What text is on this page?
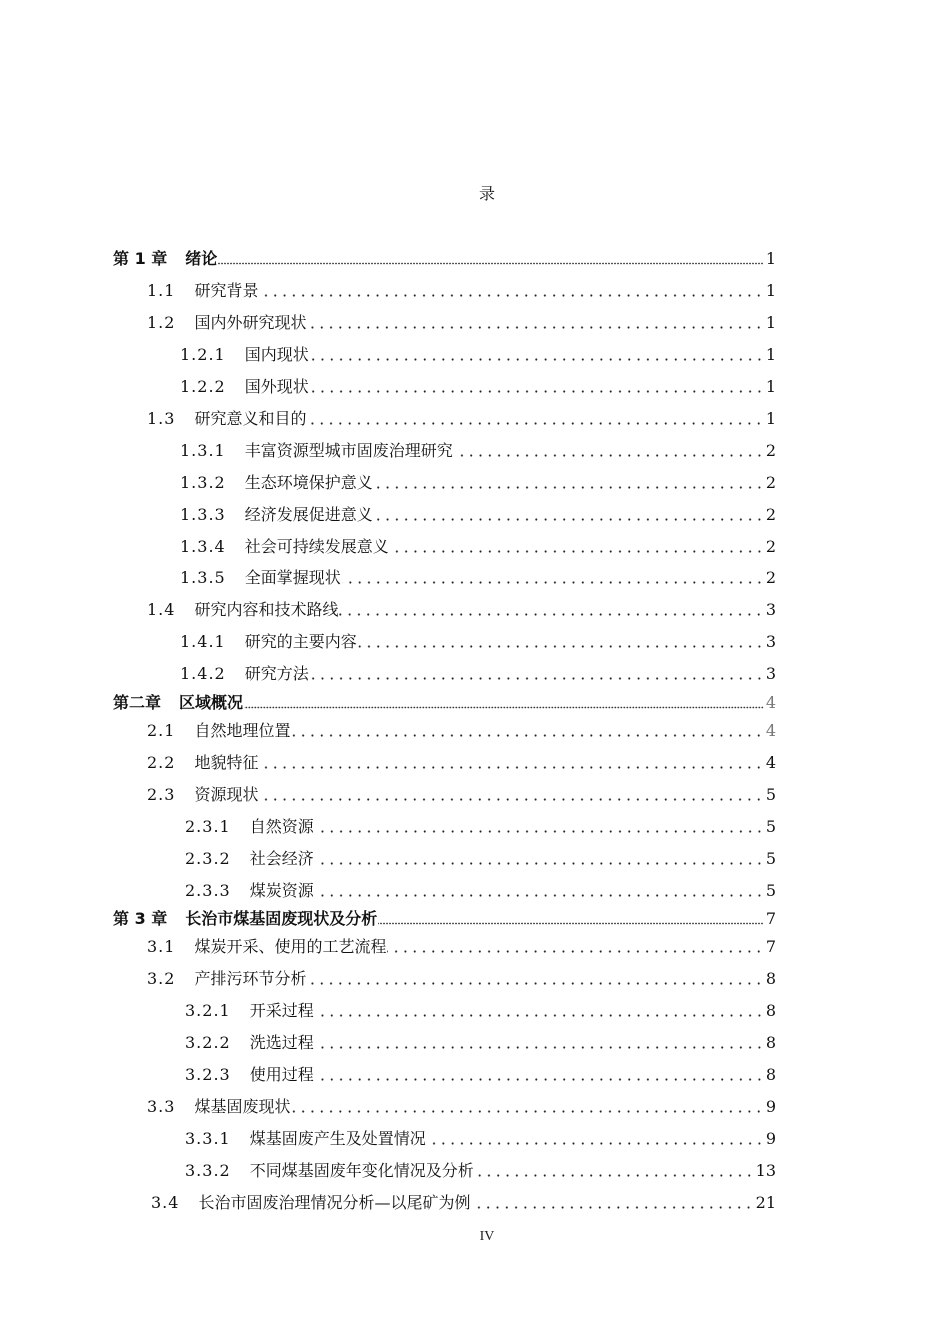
录
第 1 章 绪论	1
1.1 研究背景	1
1.2 国内外研究现状	1
1.2.1 国内现状	1
1.2.2 国外现状	1
1.3 研究意义和目的	1
1.3.1 丰富资源型城市固废治理研究	2
1.3.2 生态环境保护意义	2
1.3.3 经济发展促进意义	2
1.3.4 社会可持续发展意义	2
1.3.5 全面掌握现状	2
1.4 研究内容和技术路线	3
1.4.1 研究的主要内容	3
1.4.2 研究方法	3
第二章 区域概况	4
2.1 自然地理位置	4
2.2 地貌特征	4
2.3 资源现状	5
2.3.1 自然资源	5
2.3.2 社会经济	5
2.3.3 煤炭资源	5
第 3 章 长治市煤基固废现状及分析	7
3.1 煤炭开采、使用的工艺流程	7
3.2 产排污环节分析	8
3.2.1 开采过程	8
3.2.2 洗选过程	8
3.2.3 使用过程	8
3.3 煤基固废现状	9
3.3.1 煤基固废产生及处置情况	9
3.3.2 不同煤基固废年变化情况及分析	13
3.4 长治市固废治理情况分析—以尾矿为例	21
IV
